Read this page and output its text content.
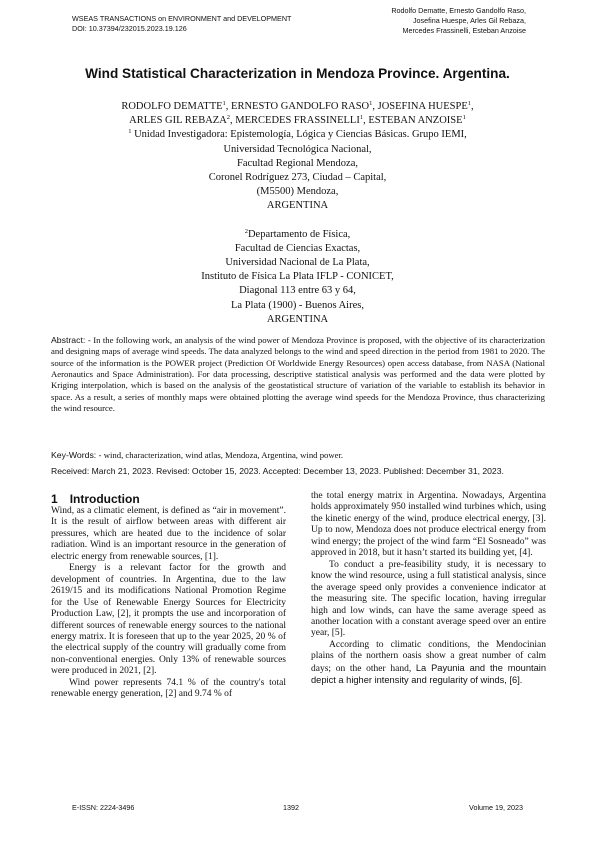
WSEAS TRANSACTIONS on ENVIRONMENT and DEVELOPMENT
DOI: 10.37394/232015.2023.19.126
Rodolfo Dematte, Ernesto Gandolfo Raso,
Josefina Huespe, Arles Gil Rebaza,
Mercedes Frassinelli, Esteban Anzoise
Wind Statistical Characterization in Mendoza Province. Argentina.
RODOLFO DEMATTE$^1$, ERNESTO GANDOLFO RASO$^1$, JOSEFINA HUESPE$^1$,
ARLES GIL REBAZA$^2$, MERCEDES FRASSINELLI$^1$, ESTEBAN ANZOISE$^1$
$^1$ Unidad Investigadora: Epistemología, Lógica y Ciencias Básicas. Grupo IEMI,
Universidad Tecnológica Nacional,
Facultad Regional Mendoza,
Coronel Rodríguez 273, Ciudad – Capital,
(M5500) Mendoza,
ARGENTINA
$^2$Departamento de Física,
Facultad de Ciencias Exactas,
Universidad Nacional de La Plata,
Instituto de Física La Plata IFLP - CONICET,
Diagonal 113 entre 63 y 64,
La Plata (1900) - Buenos Aires,
ARGENTINA
Abstract: - In the following work, an analysis of the wind power of Mendoza Province is proposed, with the objective of its characterization and designing maps of average wind speeds. The data analyzed belongs to the wind and speed direction in the period from 1981 to 2020. The source of the information is the POWER project (Prediction Of Worldwide Energy Resources) open access database, from NASA (National Aeronautics and Space Administration). For data processing, descriptive statistical analysis was performed and the data were plotted by Kriging interpolation, which is based on the analysis of the geostatistical structure of variation of the variable to establish its behavior in space. As a result, a series of monthly maps were obtained plotting the average wind speeds for the Mendoza Province, thus characterizing the wind resource.
Key-Words: - wind, characterization, wind atlas, Mendoza, Argentina, wind power.
Received: March 21, 2023. Revised: October 15, 2023. Accepted: December 13, 2023. Published: December 31, 2023.
1 Introduction

Wind, as a climatic element, is defined as “air in movement”. It is the result of airflow between areas with different air pressures, which are heated due to the incidence of solar radiation. Wind is an important resource in the generation of electric energy from renewable sources, [1].

Energy is a relevant factor for the growth and development of countries. In Argentina, due to the law 2619/15 and its modifications National Promotion Regime for the Use of Renewable Energy Sources for Electricity Production Law, [2], it prompts the use and incorporation of different sources of renewable energy sources to the national energy matrix. It is foreseen that up to the year 2025, 20 % of the electrical supply of the country will gradually come from non-conventional energies. Only 13% of renewable sources were produced in 2021, [2].

Wind power represents 74.1 % of the country's total renewable energy generation, [2] and 9.74 % of

the total energy matrix in Argentina. Nowadays, Argentina holds approximately 950 installed wind turbines which, using the kinetic energy of the wind, produce electrical energy, [3]. Up to now, Mendoza does not produce electrical energy from wind energy; the project of the wind farm “El Sosneado” was approved in 2018, but it hasn’t started its building yet, [4].

To conduct a pre-feasibility study, it is necessary to know the wind resource, using a full statistical analysis, since the average speed only provides a convenience indicator at the measuring site. The specific location, having irregular high and low winds, can have the same average speed as another location with a constant average speed over an entire year, [5].

According to climatic conditions, the Mendocinian plains of the northern oasis show a great number of calm days; on the other hand, La Payunia and the mountain depict a higher intensity and regularity of winds, [6].

E-ISSN: 2224-3496	1392	Volume 19, 2023
